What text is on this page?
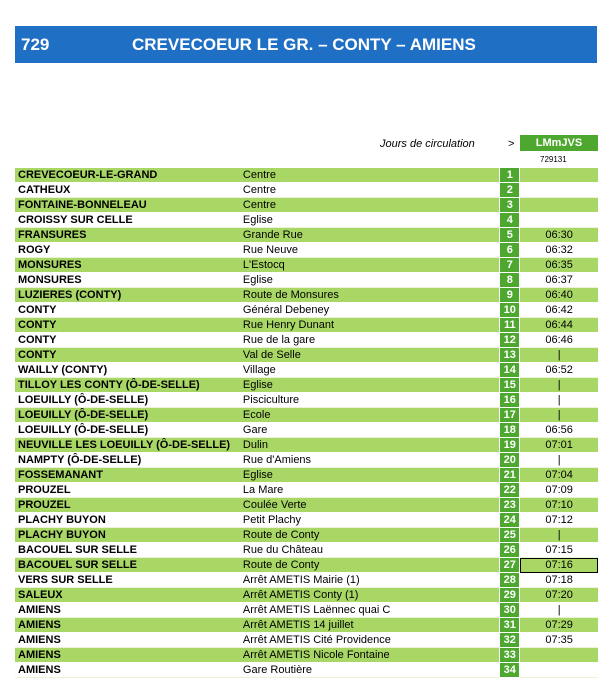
729	CREVECOEUR LE GR. – CONTY – AMIENS
Jours de circulation	>	LMmJVS
729131
CREVECOEUR-LE-GRAND	Centre	1	
CATHEUX	Centre	2	
FONTAINE-BONNELEAU	Centre	3	
CROISSY SUR CELLE	Eglise	4	
FRANSURES	Grande Rue	5	06:30
ROGY	Rue Neuve	6	06:32
MONSURES	L'Estocq	7	06:35
MONSURES	Eglise	8	06:37
LUZIERES (CONTY)	Route de Monsures	9	06:40
CONTY	Général Debeney	10	06:42
CONTY	Rue Henry Dunant	11	06:44
CONTY	Rue de la gare	12	06:46
CONTY	Val de Selle	13	|
WAILLY (CONTY)	Village	14	06:52
TILLOY LES CONTY (Ô-DE-SELLE)	Eglise	15	|
LOEUILLY (Ô-DE-SELLE)	Pisciculture	16	|
LOEUILLY (Ô-DE-SELLE)	Ecole	17	|
LOEUILLY (Ô-DE-SELLE)	Gare	18	06:56
NEUVILLE LES LOEUILLY (Ô-DE-SELLE)	Dulin	19	07:01
NAMPTY (Ô-DE-SELLE)	Rue d'Amiens	20	|
FOSSEMANANT	Eglise	21	07:04
PROUZEL	La Mare	22	07:09
PROUZEL	Coulée Verte	23	07:10
PLACHY BUYON	Petit Plachy	24	07:12
PLACHY BUYON	Route de Conty	25	|
BACOUEL SUR SELLE	Rue du Château	26	07:15
BACOUEL SUR SELLE	Route de Conty	27	07:16
VERS SUR SELLE	Arrêt AMETIS Mairie (1)	28	07:18
SALEUX	Arrêt AMETIS Conty (1)	29	07:20
AMIENS	Arrêt AMETIS Laënnec quai C	30	|
AMIENS	Arrêt AMETIS 14 juillet	31	07:29
AMIENS	Arrêt AMETIS Cité Providence	32	07:35
AMIENS	Arrêt AMETIS Nicole Fontaine	33	
AMIENS	Gare Routière	34	
